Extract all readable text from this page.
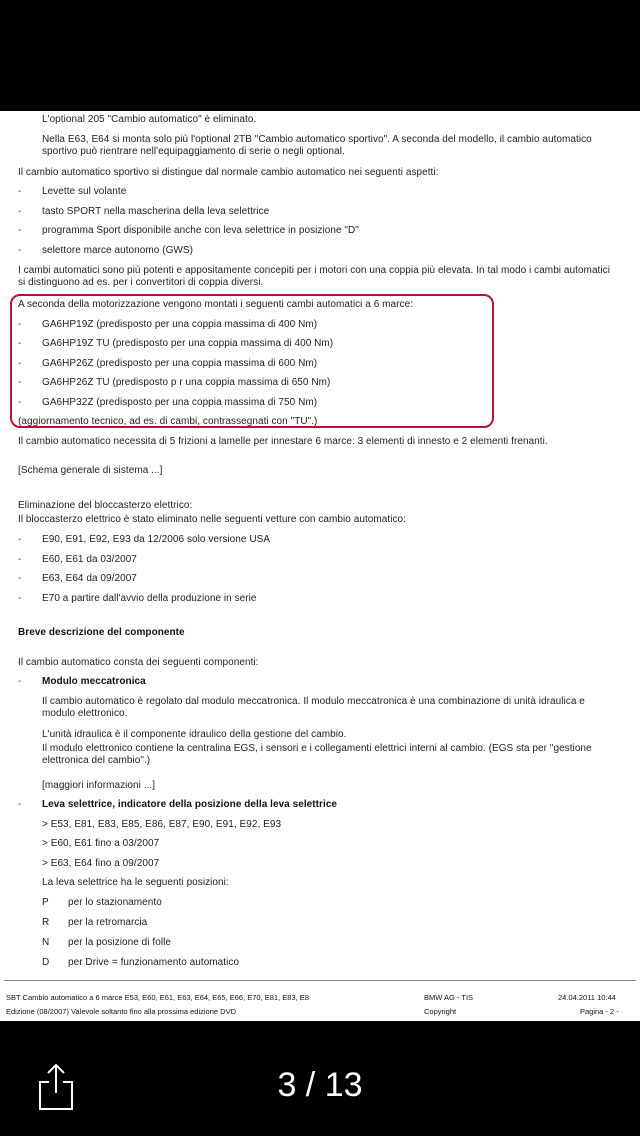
L'optional 205 "Cambio automatico" è eliminato.
Nella E63, E64 si monta solo più l'optional 2TB "Cambio automatico sportivo". A seconda del modello, il cambio automatico sportivo può rientrare nell'equipaggiamento di serie o negli optional.
Il cambio automatico sportivo si distingue dal normale cambio automatico nei seguenti aspetti:
- Levette sul volante
- tasto SPORT nella mascherina della leva selettrice
- programma Sport disponibile anche con leva selettrice in posizione "D"
- selettore marce autonomo (GWS)
I cambi automatici sono più potenti e appositamente concepiti per i motori con una coppia più elevata. In tal modo i cambi automatici si distinguono ad es. per i convertitori di coppia diversi.
A seconda della motorizzazione vengono montati i seguenti cambi automatici a 6 marce:
- GA6HP19Z (predisposto per una coppia massima di 400 Nm)
- GA6HP19Z TU (predisposto per una coppia massima di 400 Nm)
- GA6HP26Z (predisposto per una coppia massima di 600 Nm)
- GA6HP26Z TU (predisposto p r una coppia massima di 650 Nm)
- GA6HP32Z (predisposto per una coppia massima di 750 Nm)
(aggiornamento tecnico, ad es. di cambi, contrassegnati con "TU".)
Il cambio automatico necessita di 5 frizioni a lamelle per innestare 6 marce: 3 elementi di innesto e 2 elementi frenanti.
[Schema generale di sistema ...]
Eliminazione del bloccasterzo elettrico:
Il bloccasterzo elettrico è stato eliminato nelle seguenti vetture con cambio automatico:
- E90, E91, E92, E93 da 12/2006 solo versione USA
- E60, E61 da 03/2007
- E63, E64 da 09/2007
- E70 a partire dall'avvio della produzione in serie
Breve descrizione del componente
Il cambio automatico consta dei seguenti componenti:
- Modulo meccatronica
Il cambio automatico è regolato dal modulo meccatronica. Il modulo meccatronica è una combinazione di unità idraulica e modulo elettronico.
L'unità idraulica è il componente idraulico della gestione del cambio.
Il modulo elettronico contiene la centralina EGS, i sensori e i collegamenti elettrici interni al cambio. (EGS sta per "gestione elettronica del cambio".)
[maggiori informazioni ...]
- Leva selettrice, indicatore della posizione della leva selettrice
> E53, E81, E83, E85, E86, E87, E90, E91, E92, E93
> E60, E61 fino a 03/2007
> E63, E64 fino a 09/2007
La leva selettrice ha le seguenti posizioni:
P per lo stazionamento
R per la retromarcia
N per la posizione di folle
D per Drive = funzionamento automatico
SBT Cambio automatico a 6 marce E53, E60, E61, E63, E64, E65, E66, E70, E81, E83, E8
Edizione (08/2007) Valevole soltanto fino alla prossima edizione DVD
BMW AG - TIS
Copyright
24.04.2011 10:44
Pagina - 2 -
3 / 13
